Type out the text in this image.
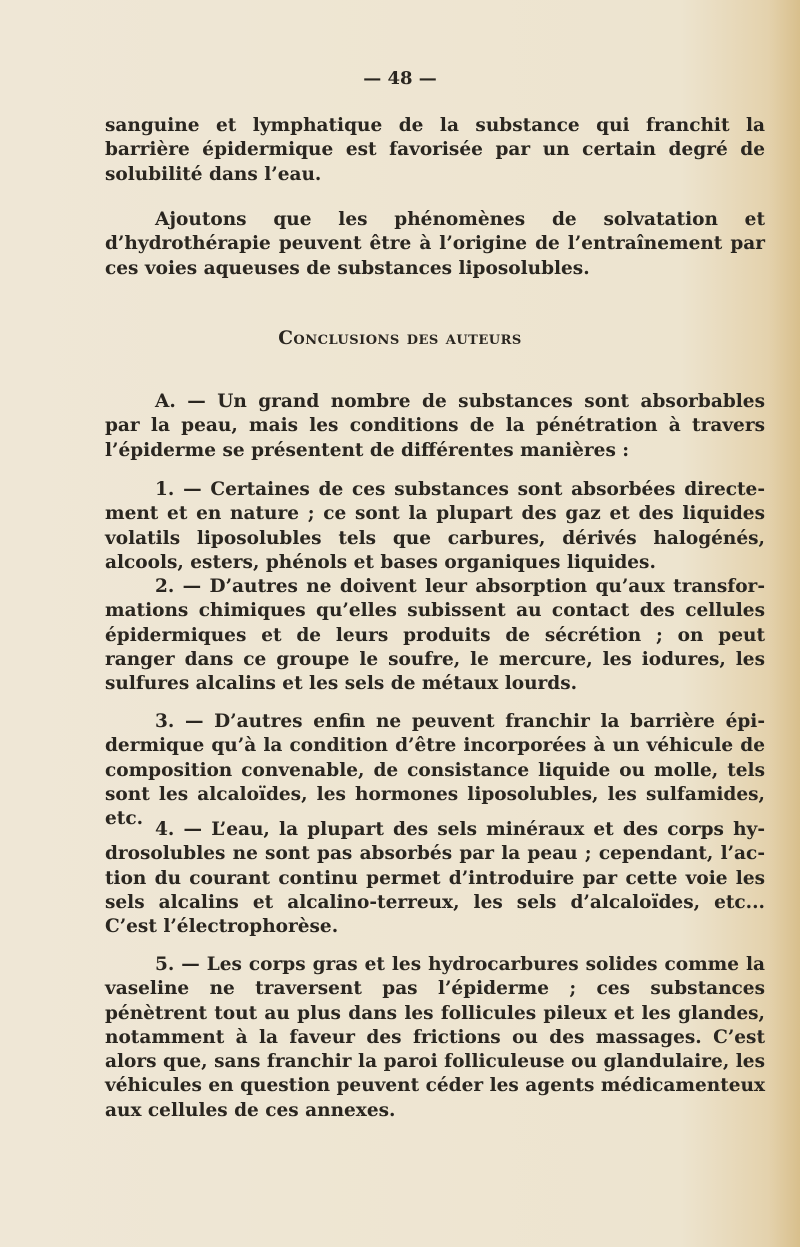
— 48 —

sanguine et lymphatique de la substance qui franchit la barrière épidermique est favorisée par un certain degré de solubilité dans l’eau.

Ajoutons que les phénomènes de solvatation et d’hydrothérapie peuvent être à l’origine de l’entraînement par ces voies aqueuses de substances liposolubles.

Conclusions des auteurs

A. — Un grand nombre de substances sont absorbables par la peau, mais les conditions de la pénétration à travers l’épiderme se présentent de différentes manières :

1. — Certaines de ces substances sont absorbées directement et en nature ; ce sont la plupart des gaz et des liquides volatils liposolubles tels que carbures, dérivés halogénés, alcools, esters, phénols et bases organiques liquides.

2. — D’autres ne doivent leur absorption qu’aux transformations chimiques qu’elles subissent au contact des cellules épidermiques et de leurs produits de sécrétion ; on peut ranger dans ce groupe le soufre, le mercure, les iodures, les sulfures alcalins et les sels de métaux lourds.

3. — D’autres enfin ne peuvent franchir la barrière épidermique qu’à la condition d’être incorporées à un véhicule de composition convenable, de consistance liquide ou molle, tels sont les alcaloïdes, les hormones liposolubles, les sulfamides, etc.

4. — L’eau, la plupart des sels minéraux et des corps hydrosolubles ne sont pas absorbés par la peau ; cependant, l’action du courant continu permet d’introduire par cette voie les sels alcalins et alcalino-terreux, les sels d’alcaloïdes, etc... C’est l’électrophorèse.

5. — Les corps gras et les hydrocarbures solides comme la vaseline ne traversent pas l’épiderme ; ces substances pénètrent tout au plus dans les follicules pileux et les glandes, notamment à la faveur des frictions ou des massages. C’est alors que, sans franchir la paroi folliculeuse ou glandulaire, les véhicules en question peuvent céder les agents médicamenteux aux cellules de ces annexes.
